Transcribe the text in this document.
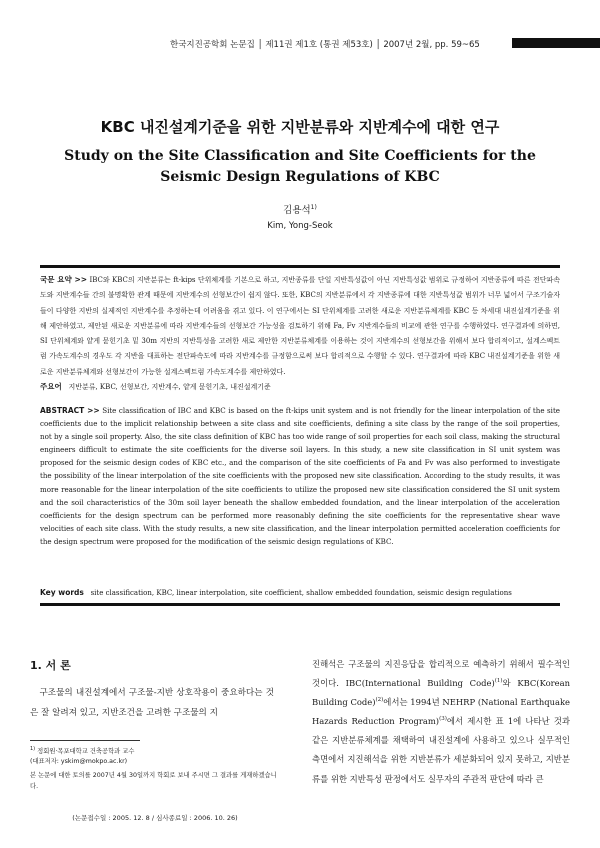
한국지진공학회 논문집 │ 제11권 제1호 (통권 제53호) │ 2007년 2월, pp. 59~65
KBC 내진설계기준을 위한 지반분류와 지반계수에 대한 연구
Study on the Site Classification and Site Coefficients for the Seismic Design Regulations of KBC
김용석$^{1)}$
Kim, Yong-Seok
국문 요약 >> IBC와 KBC의 지반분류는 ft-kips 단위체계를 기본으로 하고, 지반종류를 단일 지반특성값이 아닌 지반특성값 범위로 규정하여 지반종류에 따른 전단파속도와 지반계수들 간의 불명확한 관계 때문에 지반계수의 선형보간이 쉽지 않다. 또한, KBC의 지반분류에서 각 지반종류에 대한 지반특성값 범위가 너무 넓어서 구조기술자들이 다양한 지반의 실제적인 지반계수를 추정하는데 어려움을 겪고 있다. 이 연구에서는 SI 단위체계를 고려한 새로운 지반분류체계를 KBC 등 차세대 내진설계기준을 위해 제안하였고, 제안된 새로운 지반분류에 따라 지반계수들의 선형보간 가능성을 검토하기 위해 Fa, Fv 지반계수들의 비교에 관한 연구를 수행하였다. 연구결과에 의하면, SI 단위체계와 얕게 묻힌기초 밑 30m 지반의 지반특성을 고려한 새로 제안한 지반분류체계를 이용하는 것이 지반계수의 선형보간을 위해서 보다 합리적이고, 설계스펙트럼 가속도계수의 경우도 각 지반을 대표하는 전단파속도에 따라 지반계수를 규정함으로써 보다 합리적으로 수행할 수 있다. 연구결과에 따라 KBC 내진설계기준을 위한 새로운 지반분류체계와 선형보간이 가능한 설계스펙트럼 가속도계수를 제안하였다.
주요어 지반분류, KBC, 선형보간, 지반계수, 얕게 묻힌기초, 내진설계기준
ABSTRACT >> Site classification of IBC and KBC is based on the ft-kips unit system and is not friendly for the linear interpolation of the site coefficients due to the implicit relationship between a site class and site coefficients, defining a site class by the range of the soil properties, not by a single soil property. Also, the site class definition of KBC has too wide range of soil properties for each soil class, making the structural engineers difficult to estimate the site coefficients for the diverse soil layers. In this study, a new site classification in SI unit system was proposed for the seismic design codes of KBC etc., and the comparison of the site coefficients of Fa and Fv was also performed to investigate the possibility of the linear interpolation of the site coefficients with the proposed new site classification. According to the study results, it was more reasonable for the linear interpolation of the site coefficients to utilize the proposed new site classification considered the SI unit system and the soil characteristics of the 30m soil layer beneath the shallow embedded foundation, and the linear interpolation of the acceleration coefficients for the design spectrum can be performed more reasonably defining the site coefficients for the representative shear wave velocities of each site class. With the study results, a new site classification, and the linear interpolation permitted acceleration coefficients for the design spectrum were proposed for the modification of the seismic design regulations of KBC.
Key words site classification, KBC, linear interpolation, site coefficient, shallow embedded foundation, seismic design regulations
1. 서 론
구조물의 내진설계에서 구조물-지반 상호작용이 중요하다는 것은 잘 알려져 있고, 지반조건을 고려한 구조물의 지
진해석은 구조물의 지진응답을 합리적으로 예측하기 위해서 필수적인 것이다. IBC(International Building Code)$^{(1)}$와 KBC(Korean Building Code)$^{(2)}$에서는 1994년 NEHRP (National Earthquake Hazards Reduction Program)$^{(3)}$에서 제시한 표 1에 나타난 것과 같은 지반분류체계를 채택하여 내진설계에 사용하고 있으나 실무적인 측면에서 지진해석을 위한 지반분류가 세분화되어 있지 못하고, 지반분류를 위한 지반특성 판정에서도 실무자의 주관적 판단에 따라 큰
$^{1)}$ 정회원·목포대학교 건축공학과 교수
(대표저자: yskim@mokpo.ac.kr)
본 논문에 대한 토의를 2007년 4월 30일까지 학회로 보내 주시면 그 결과를 게재하겠습니다.
(논문접수일 : 2005. 12. 8 / 심사종료일 : 2006. 10. 26)
